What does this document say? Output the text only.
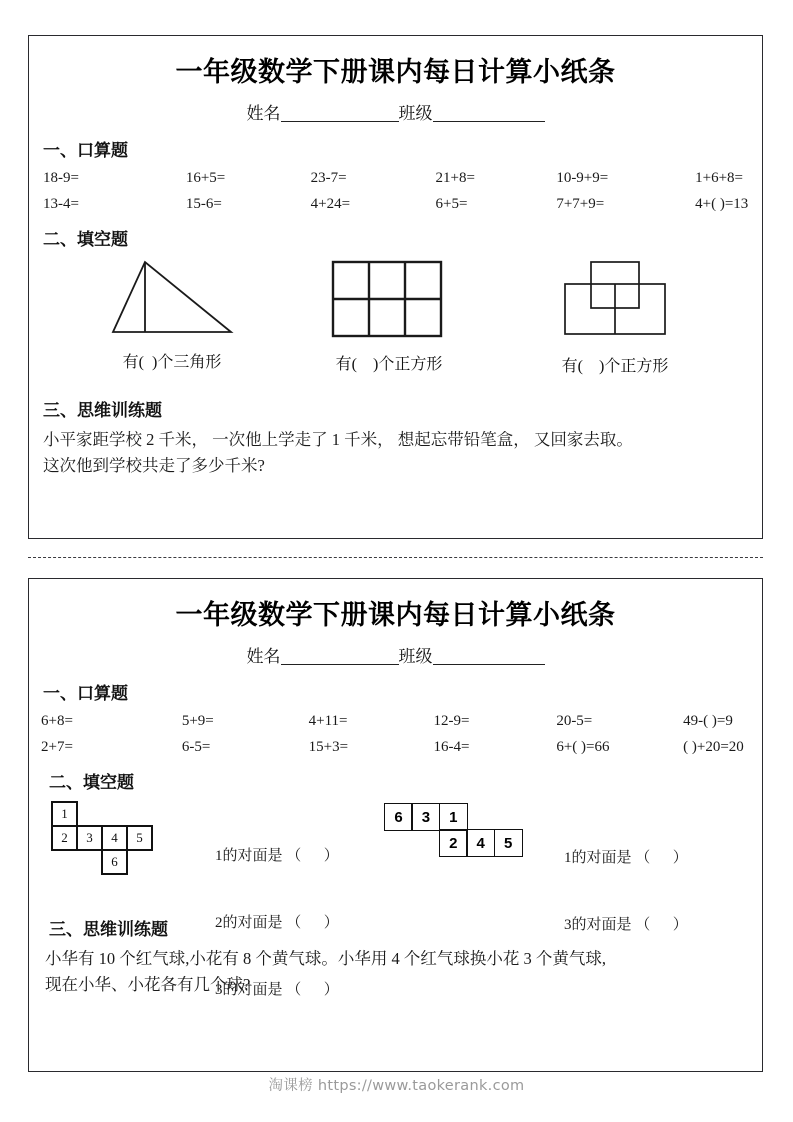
一年级数学下册课内每日计算小纸条
姓名	班级
一、口算题
18-9=	16+5=	23-7=	21+8=	10-9+9=	1+6+8=
13-4=	15-6=	4+24=	6+5=	7+7+9=	4+( )=13
二、填空题
有(  )个三角形	有(    )个正方形	有(    )个正方形
三、思维训练题
小平家距学校 2 千米， 一次他上学走了 1 千米， 想起忘带铅笔盒， 又回家去取。
这次他到学校共走了多少千米?
一年级数学下册课内每日计算小纸条
姓名	班级
一、口算题
6+8=	5+9=	4+11=	12-9=	20-5=	49-( )=9
2+7=	6-5=	15+3=	16-4=	6+( )=66	( )+20=20
二、填空题
1
2	3	4	5
6

	1的对面是 （      ）

2的对面是 （      ）

3的对面是 （      ）

6	3	1
2	4	5

1的对面是 （      ）

3的对面是 （      ）

三、思维训练题
小华有 10 个红气球,小花有 8 个黄气球。小华用 4 个红气球换小花 3 个黄气球,
现在小华、小花各有几个球?
淘课榜 https://www.taokerank.com
